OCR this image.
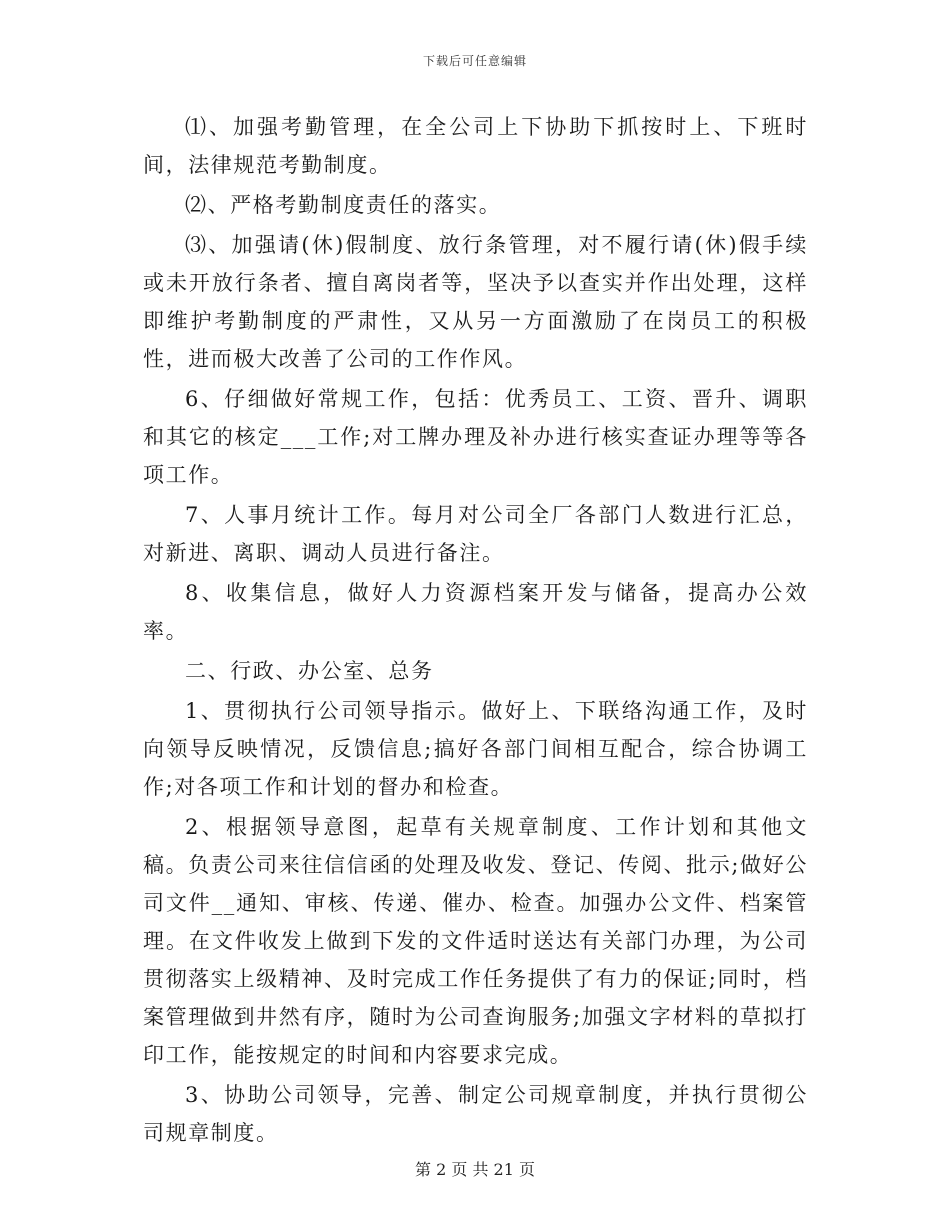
下载后可任意编辑

⑴、加强考勤管理，在全公司上下协助下抓按时上、下班时间，法律规范考勤制度。

⑵、严格考勤制度责任的落实。

⑶、加强请(休)假制度、放行条管理，对不履行请(休)假手续或未开放行条者、擅自离岗者等，坚决予以查实并作出处理，这样即维护考勤制度的严肃性，又从另一方面激励了在岗员工的积极性，进而极大改善了公司的工作作风。

6、仔细做好常规工作，包括：优秀员工、工资、晋升、调职和其它的核定___工作;对工牌办理及补办进行核实查证办理等等各项工作。

7、人事月统计工作。每月对公司全厂各部门人数进行汇总，对新进、离职、调动人员进行备注。

8、收集信息，做好人力资源档案开发与储备，提高办公效率。

二、行政、办公室、总务

1、贯彻执行公司领导指示。做好上、下联络沟通工作，及时向领导反映情况，反馈信息;搞好各部门间相互配合，综合协调工作;对各项工作和计划的督办和检查。

2、根据领导意图，起草有关规章制度、工作计划和其他文稿。负责公司来往信信函的处理及收发、登记、传阅、批示;做好公司文件__通知、审核、传递、催办、检查。加强办公文件、档案管理。在文件收发上做到下发的文件适时送达有关部门办理，为公司贯彻落实上级精神、及时完成工作任务提供了有力的保证;同时，档案管理做到井然有序，随时为公司查询服务;加强文字材料的草拟打印工作，能按规定的时间和内容要求完成。

3、协助公司领导，完善、制定公司规章制度，并执行贯彻公司规章制度。

第 2 页 共 21 页
